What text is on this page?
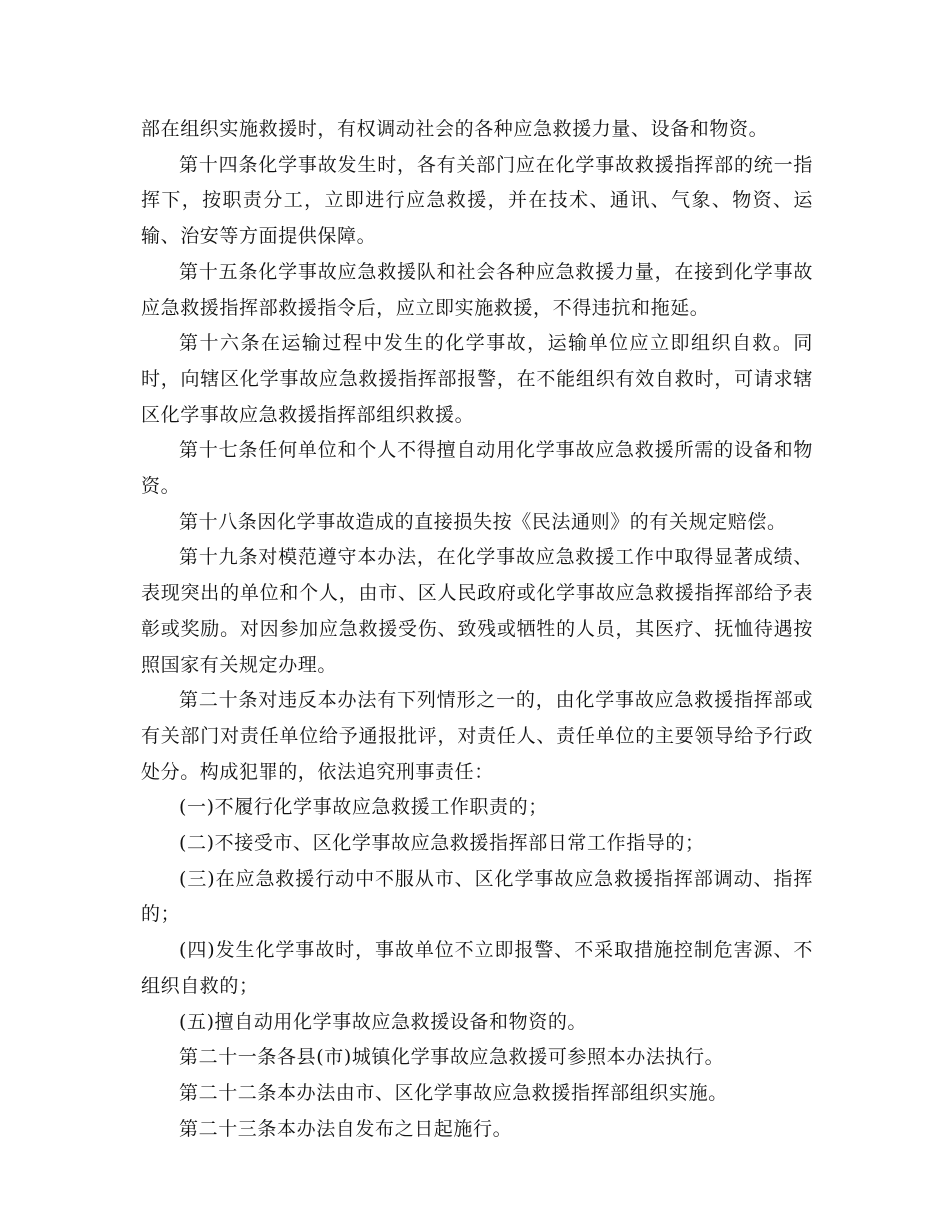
部在组织实施救援时，有权调动社会的各种应急救援力量、设备和物资。

第十四条化学事故发生时，各有关部门应在化学事故救援指挥部的统一指挥下，按职责分工，立即进行应急救援，并在技术、通讯、气象、物资、运输、治安等方面提供保障。

第十五条化学事故应急救援队和社会各种应急救援力量，在接到化学事故应急救援指挥部救援指令后，应立即实施救援，不得违抗和拖延。

第十六条在运输过程中发生的化学事故，运输单位应立即组织自救。同时，向辖区化学事故应急救援指挥部报警，在不能组织有效自救时，可请求辖区化学事故应急救援指挥部组织救援。

第十七条任何单位和个人不得擅自动用化学事故应急救援所需的设备和物资。

第十八条因化学事故造成的直接损失按《民法通则》的有关规定赔偿。

第十九条对模范遵守本办法，在化学事故应急救援工作中取得显著成绩、表现突出的单位和个人，由市、区人民政府或化学事故应急救援指挥部给予表彰或奖励。对因参加应急救援受伤、致残或牺牲的人员，其医疗、抚恤待遇按照国家有关规定办理。

第二十条对违反本办法有下列情形之一的，由化学事故应急救援指挥部或有关部门对责任单位给予通报批评，对责任人、责任单位的主要领导给予行政处分。构成犯罪的，依法追究刑事责任：

(一)不履行化学事故应急救援工作职责的；

(二)不接受市、区化学事故应急救援指挥部日常工作指导的；

(三)在应急救援行动中不服从市、区化学事故应急救援指挥部调动、指挥的；

(四)发生化学事故时，事故单位不立即报警、不采取措施控制危害源、不组织自救的；

(五)擅自动用化学事故应急救援设备和物资的。

第二十一条各县(市)城镇化学事故应急救援可参照本办法执行。

第二十二条本办法由市、区化学事故应急救援指挥部组织实施。

第二十三条本办法自发布之日起施行。
